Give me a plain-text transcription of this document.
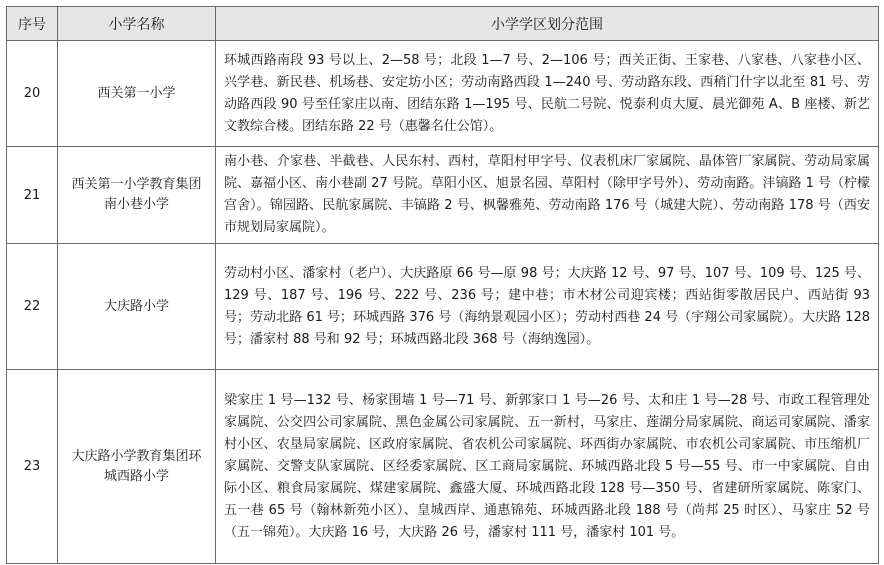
序号	小学名称	小学学区划分范围
20	西关第一小学	环城西路南段 93 号以上、2—58 号；北段 1—7 号、2—106 号；西关正街、王家巷、八家巷、八家巷小区、兴学巷、新民巷、机场巷、安定坊小区；劳动南路西段 1—240 号、劳动路东段、西稍门什字以北至 81 号、劳动路西段 90 号至任家庄以南、团结东路 1—195 号、民航二号院、悦泰利贞大厦、晨光御苑 A、B 座楼、新艺文教综合楼。团结东路 22 号（惠馨名仕公馆）。
21	西关第一小学教育集团南小巷小学	南小巷、介家巷、半截巷、人民东村、西村，草阳村甲字号、仪表机床厂家属院、晶体管厂家属院、劳动局家属院、嘉福小区、南小巷副 27 号院。草阳小区、旭景名园、草阳村（除甲字号外）、劳动南路。沣镐路 1 号（柠檬宫舍）。锦园路、民航家属院、丰镐路 2 号、枫馨雅苑、劳动南路 176 号（城建大院）、劳动南路 178 号（西安市规划局家属院）。
22	大庆路小学	劳动村小区、潘家村（老户）、大庆路原 66 号—原 98 号；大庆路 12 号、97 号、107 号、109 号、125 号、129 号、187 号、196 号、222 号、236 号；建中巷；市木材公司迎宾楼；西站街零散居民户、西站街 93 号；劳动北路 61 号；环城西路 376 号（海纳景观园小区）；劳动村西巷 24 号（宇翔公司家属院）。大庆路 128 号；潘家村 88 号和 92 号；环城西路北段 368 号（海纳逸园）。
23	大庆路小学教育集团环城西路小学	梁家庄 1 号—132 号、杨家围墙 1 号—71 号、新郭家口 1 号—26 号、太和庄 1 号—28 号、市政工程管理处家属院、公交四公司家属院、黑色金属公司家属院、五一新村，马家庄、莲湖分局家属院、商运司家属院、潘家村小区、农垦局家属院、区政府家属院、省农机公司家属院、环西街办家属院、市农机公司家属院、市压缩机厂家属院、交警支队家属院、区经委家属院、区工商局家属院、环城西路北段 5 号—55 号、市一中家属院、自由际小区、粮食局家属院、煤建家属院、鑫盛大厦、环城西路北段 128 号—350 号、省建研所家属院、陈家门、五一巷 65 号（翰林新苑小区）、皇城西岸、通惠锦苑、环城西路北段 188 号（尚邦 25 时区）、马家庄 52 号（五一锦苑）。大庆路 16 号，大庆路 26 号，潘家村 111 号，潘家村 101 号。
